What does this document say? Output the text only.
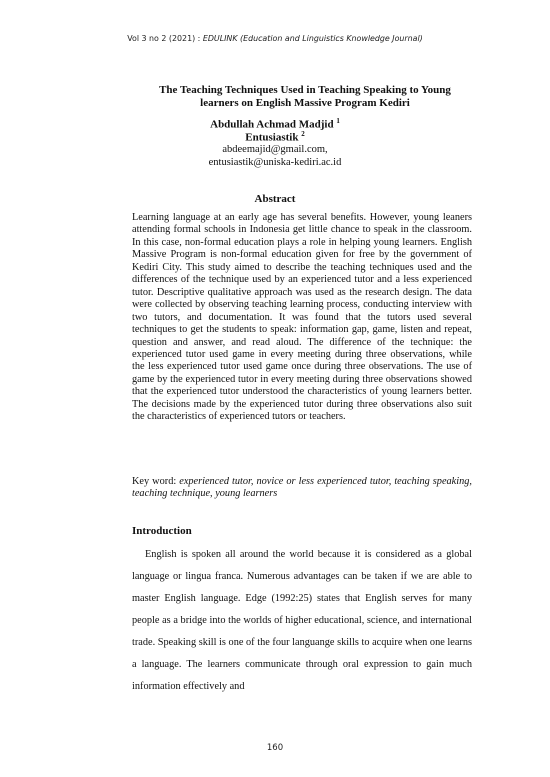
Vol 3 no 2 (2021) : EDULINK (Education and Linguistics Knowledge Journal)
The Teaching Techniques Used in Teaching Speaking to Young learners on English Massive Program Kediri
Abdullah Achmad Madjid $^1$
Entusiastik $^2$
abdeemajid@gmail.com,
entusiastik@uniska-kediri.ac.id
Abstract
Learning language at an early age has several benefits. However, young leaners attending formal schools in Indonesia get little chance to speak in the classroom. In this case, non-formal education plays a role in helping young learners. English Massive Program is non-formal education given for free by the government of Kediri City. This study aimed to describe the teaching techniques used and the differences of the technique used by an experienced tutor and a less experienced tutor. Descriptive qualitative approach was used as the research design. The data were collected by observing teaching learning process, conducting interview with two tutors, and documentation. It was found that the tutors used several techniques to get the students to speak: information gap, game, listen and repeat, question and answer, and read aloud. The difference of the technique: the experienced tutor used game in every meeting during three observations, while the less experienced tutor used game once during three observations. The use of game by the experienced tutor in every meeting during three observations showed that the experienced tutor understood the characteristics of young learners better. The decisions made by the experienced tutor during three observations also suit the characteristics of experienced tutors or teachers.
Key word: experienced tutor, novice or less experienced tutor, teaching speaking, teaching technique, young learners
Introduction
English is spoken all around the world because it is considered as a global language or lingua franca. Numerous advantages can be taken if we are able to master English language. Edge (1992:25) states that English serves for many people as a bridge into the worlds of higher educational, science, and international trade. Speaking skill is one of the four languange skills to acquire when one learns a language. The learners communicate through oral expression to gain much information effectively and
160
